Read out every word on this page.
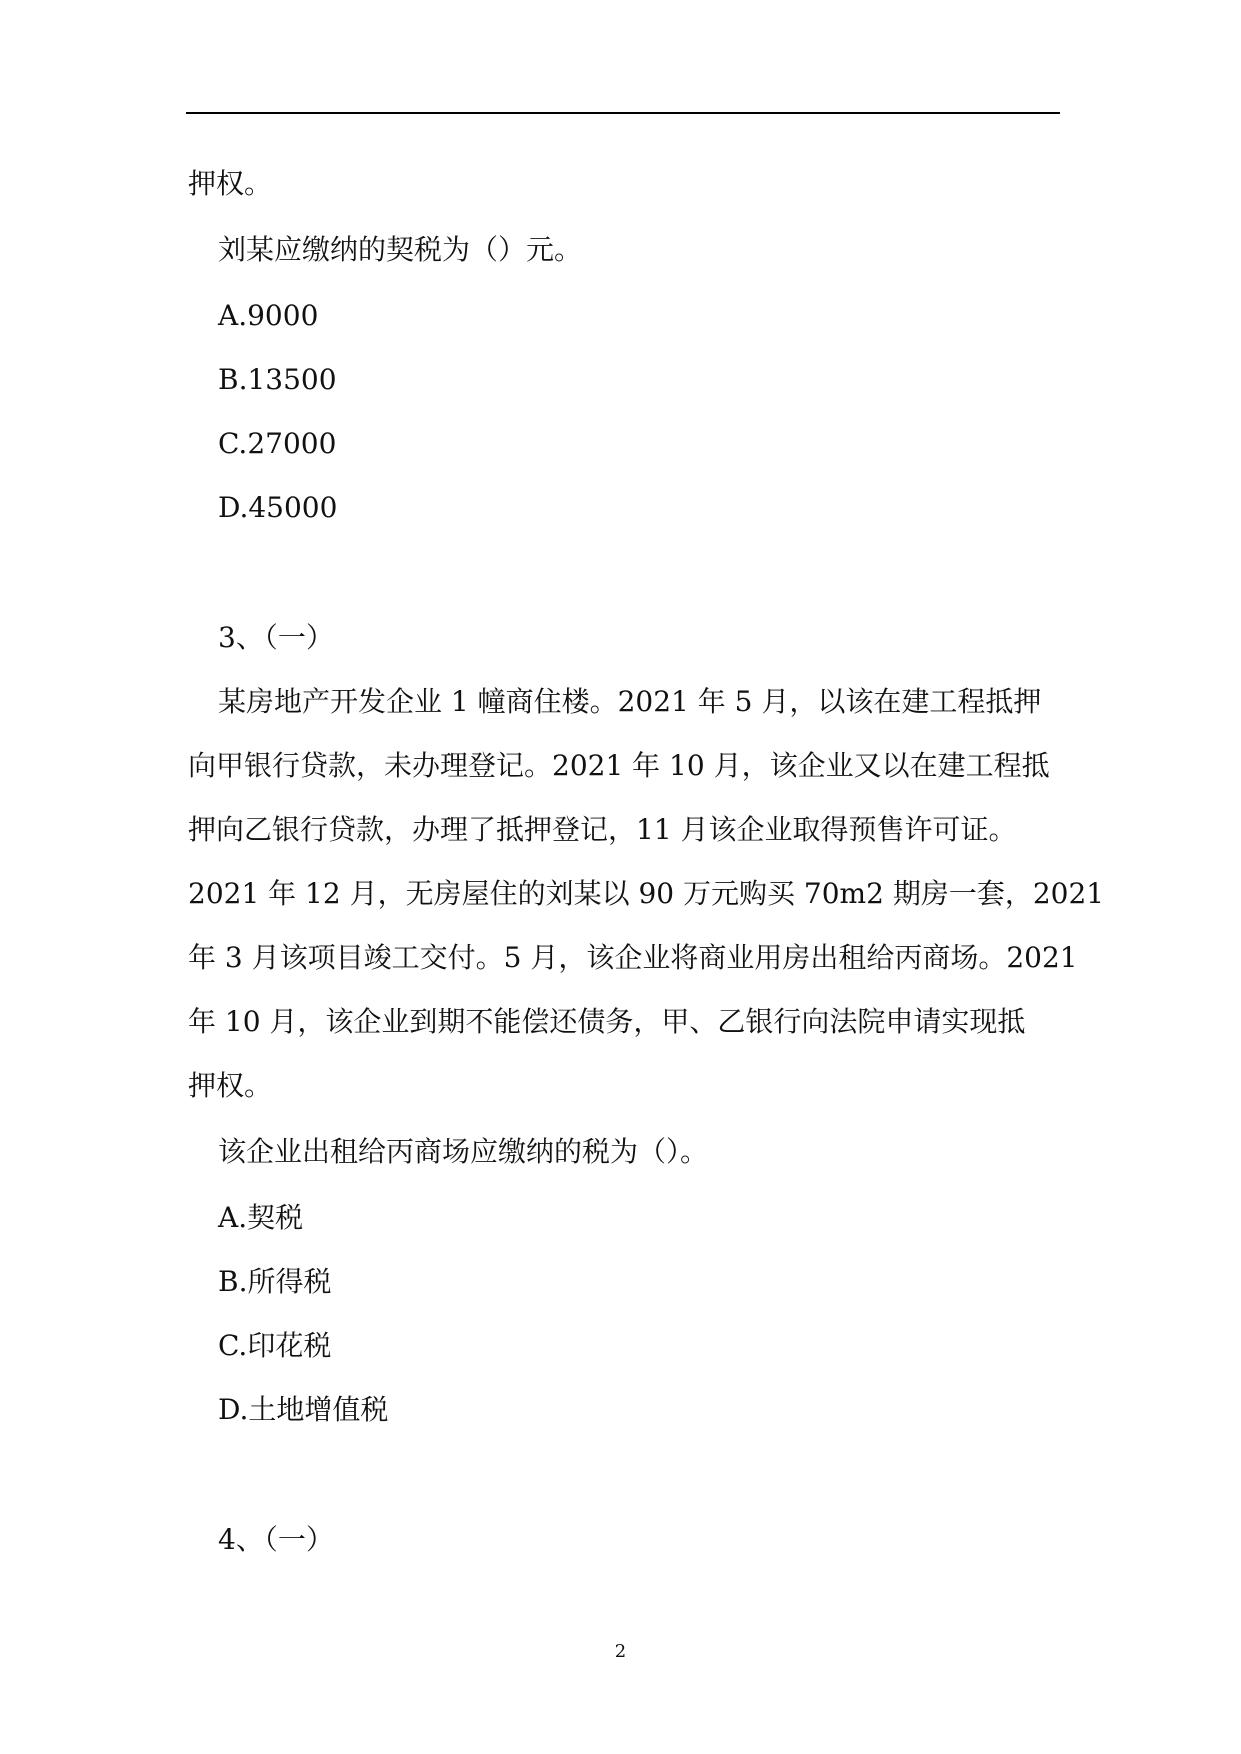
押权。
刘某应缴纳的契税为（）元。
A.9000
B.13500
C.27000
D.45000
3、（一）
某房地产开发企业 1 幢商住楼。2021 年 5 月，以该在建工程抵押
向甲银行贷款，未办理登记。2021 年 10 月，该企业又以在建工程抵
押向乙银行贷款，办理了抵押登记，11 月该企业取得预售许可证。
2021 年 12 月，无房屋住的刘某以 90 万元购买 70m2 期房一套，2021
年 3 月该项目竣工交付。5 月，该企业将商业用房出租给丙商场。2021
年 10 月，该企业到期不能偿还债务，甲、乙银行向法院申请实现抵
押权。
该企业出租给丙商场应缴纳的税为（）。
A.契税
B.所得税
C.印花税
D.土地增值税
4、（一）
2
